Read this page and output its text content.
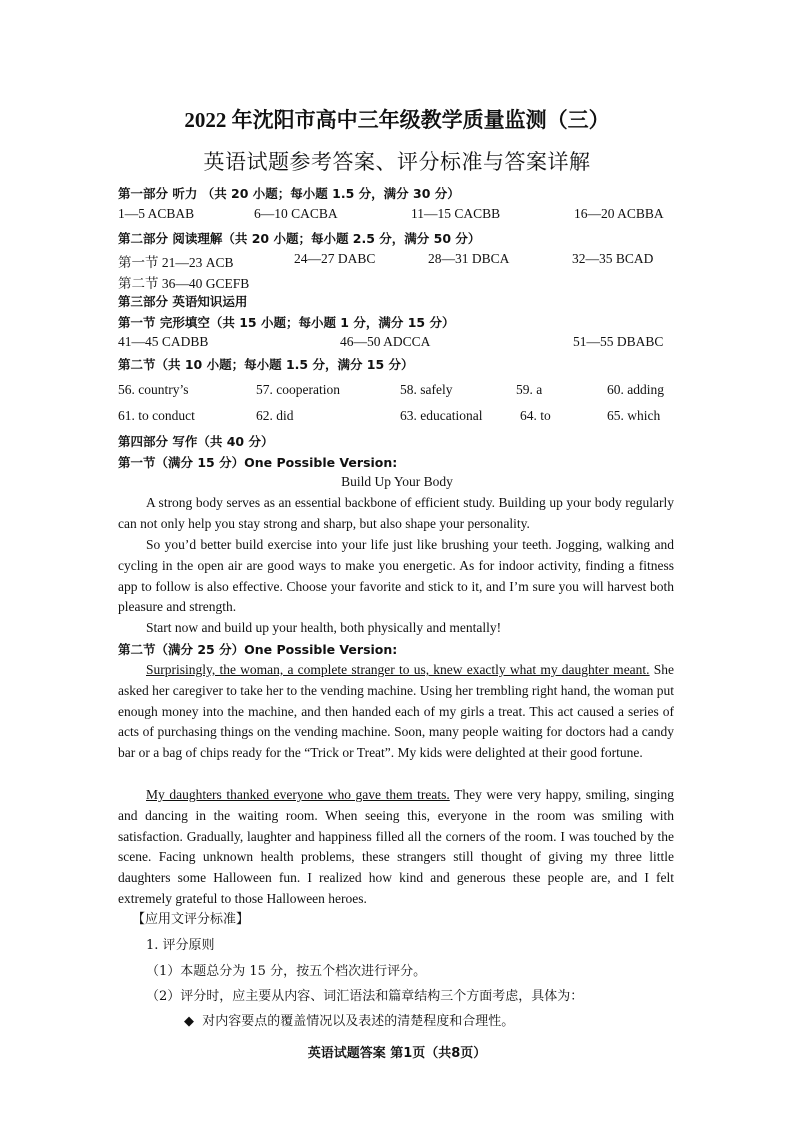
2022 年沈阳市高中三年级教学质量监测（三）
英语试题参考答案、评分标准与答案详解
第一部分 听力 （共 20 小题；每小题 1.5 分，满分 30 分）
1—5 ACBAB	6—10 CACBA	11—15 CACBB	16—20 ACBBA
第二部分 阅读理解（共 20 小题；每小题 2.5 分，满分 50 分）
第一节 21—23 ACB	24—27 DABC	28—31 DBCA	32—35 BCAD
第二节 36—40 GCEFB
第三部分 英语知识运用
第一节 完形填空（共 15 小题；每小题 1 分，满分 15 分）
41—45 CADBB	46—50 ADCCA	51—55 DBABC
第二节（共 10 小题；每小题 1.5 分，满分 15 分）
56. country’s	57. cooperation	58. safely	59. a	60. adding
61. to conduct	62. did	63. educational	64. to	65. which
第四部分 写作（共 40 分）
第一节（满分 15 分）One Possible Version:
Build Up Your Body
A strong body serves as an essential backbone of efficient study. Building up your body regularly can not only help you stay strong and sharp, but also shape your personality.
So you’d better build exercise into your life just like brushing your teeth. Jogging, walking and cycling in the open air are good ways to make you energetic. As for indoor activity, finding a fitness app to follow is also effective. Choose your favorite and stick to it, and I’m sure you will harvest both pleasure and strength.
Start now and build up your health, both physically and mentally!
第二节（满分 25 分）One Possible Version:
Surprisingly, the woman, a complete stranger to us, knew exactly what my daughter meant. She asked her caregiver to take her to the vending machine. Using her trembling right hand, the woman put enough money into the machine, and then handed each of my girls a treat. This act caused a series of acts of purchasing things on the vending machine. Soon, many people waiting for doctors had a candy bar or a bag of chips ready for the “Trick or Treat”. My kids were delighted at their good fortune.
My daughters thanked everyone who gave them treats. They were very happy, smiling, singing and dancing in the waiting room. When seeing this, everyone in the room was smiling with satisfaction. Gradually, laughter and happiness filled all the corners of the room. I was touched by the scene. Facing unknown health problems, these strangers still thought of giving my three little daughters some Halloween fun. I realized how kind and generous these people are, and I felt extremely grateful to those Halloween heroes.
【应用文评分标准】
1. 评分原则
（1）本题总分为 15 分，按五个档次进行评分。
（2）评分时，应主要从内容、词汇语法和篇章结构三个方面考虑，具体为：
◆ 对内容要点的覆盖情况以及表述的清楚程度和合理性。
英语试题答案 第1页（共8页）
